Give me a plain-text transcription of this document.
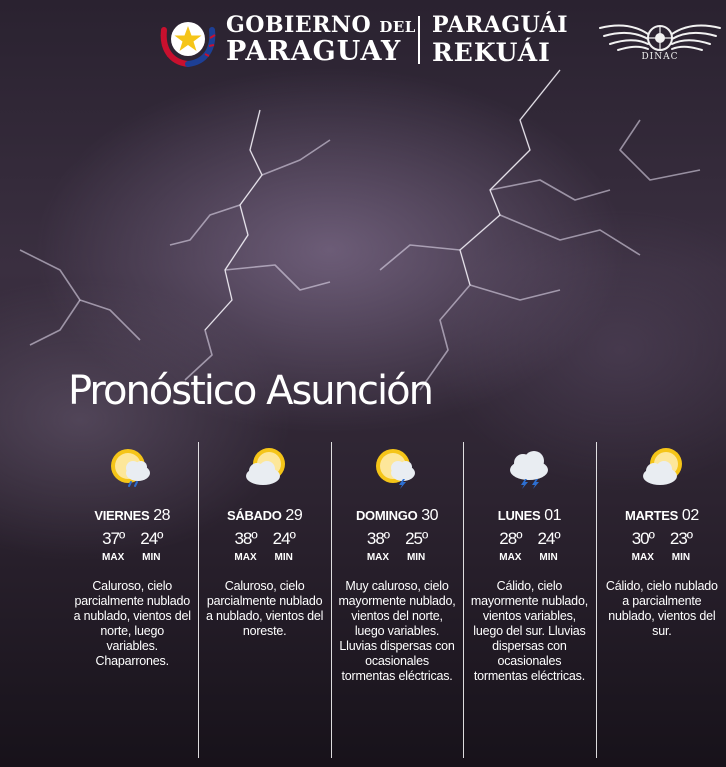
GOBIERNO DEL
PARAGUAY
PARAGUÁI
REKUÁI	DINAC
Pronóstico Asunción
VIERNES 28
37º
MAX
24º
MIN

Caluroso, cielo parcialmente nublado a nublado, vientos del norte, luego variables. Chaparrones.

SÁBADO 29
38º
MAX
24º
MIN

Caluroso, cielo parcialmente nublado a nublado, vientos del noreste.

DOMINGO 30
38º
MAX
25º
MIN

Muy caluroso, cielo mayormente nublado, vientos del norte, luego variables. Lluvias dispersas con ocasionales tormentas eléctricas.

LUNES 01
28º
MAX
24º
MIN

Cálido, cielo mayormente nublado, vientos variables, luego del sur. Lluvias dispersas con ocasionales tormentas eléctricas.

MARTES 02
30º
MAX
23º
MIN

Cálido, cielo nublado a parcialmente nublado, vientos del sur.
